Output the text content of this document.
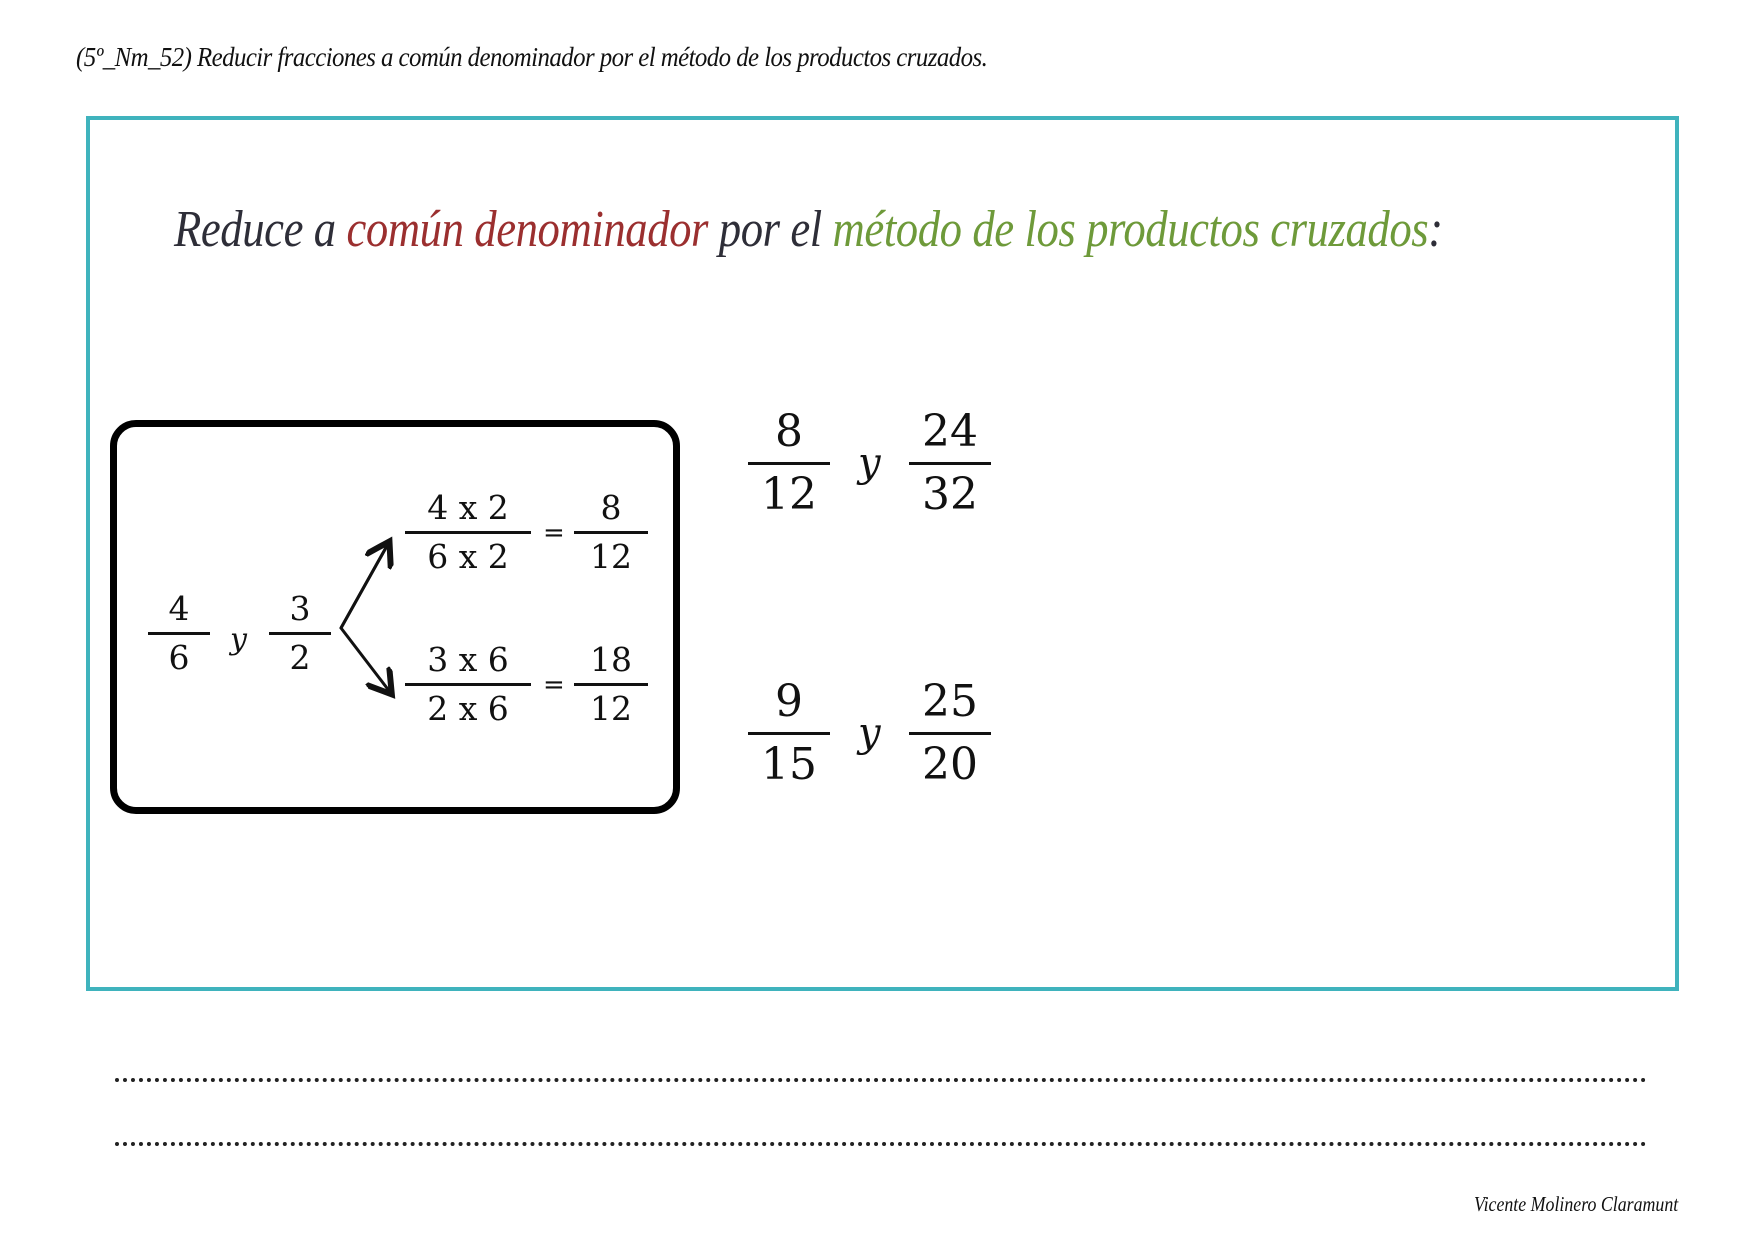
(5º_Nm_52) Reducir fracciones a común denominador por el método de los productos cruzados.
Reduce a común denominador por el método de los productos cruzados:
4
6 y
3
2
4 x 2
6 x 2
=
8
12
3 x 6
2 x 6
=
18
12
8
12
y
24
32
9
15
y
25
20
Vicente Molinero Claramunt
